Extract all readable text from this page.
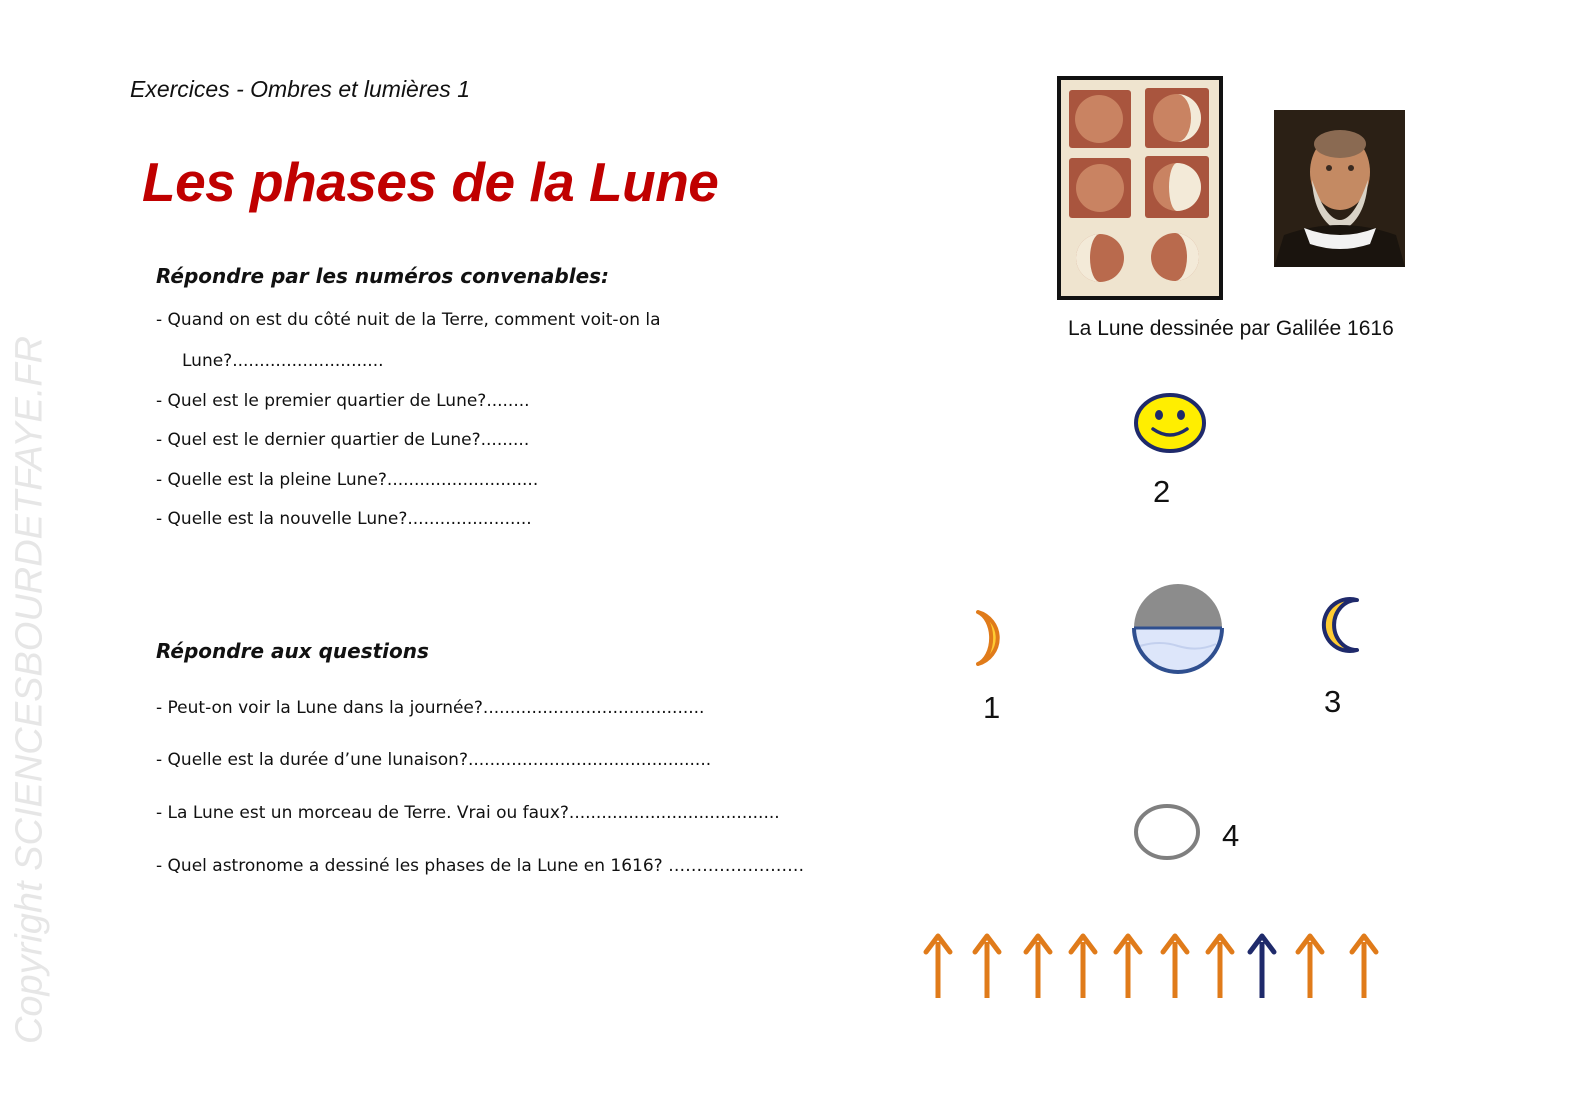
Copyright SCIENCESBOURDETFAYE.FR
Exercices - Ombres et lumières 1
Les phases de la Lune
Répondre par les numéros convenables:
- Quand on est du côté nuit de la Terre, comment voit-on la
Lune?............................
- Quel est le premier quartier de Lune?........
- Quel est le dernier quartier de Lune?.........
- Quelle est la pleine Lune?............................
- Quelle est la nouvelle Lune?.......................
Répondre aux questions
- Peut-on voir la Lune dans la journée?.........................................
- Quelle est la durée d’une lunaison?.............................................
- La Lune est un morceau de Terre. Vrai ou faux?.......................................
- Quel astronome a dessiné les phases de la Lune en 1616? ……………………
La Lune dessinée par Galilée 1616
2
1	3
4
